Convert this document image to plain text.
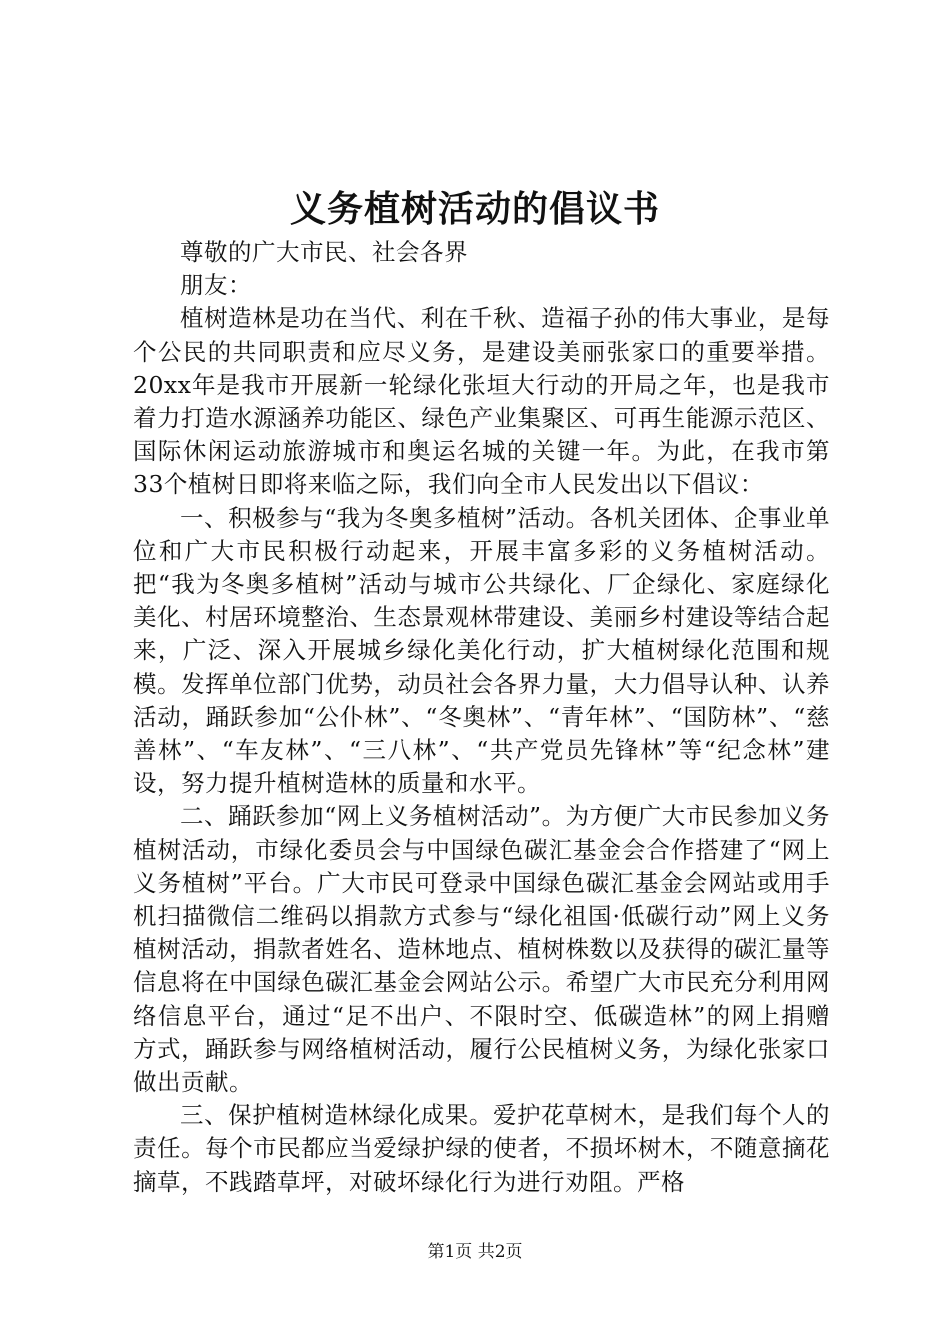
义务植树活动的倡议书

尊敬的广大市民、社会各界

朋友：

植树造林是功在当代、利在千秋、造福子孙的伟大事业，是每个公民的共同职责和应尽义务，是建设美丽张家口的重要举措。20xx年是我市开展新一轮绿化张垣大行动的开局之年，也是我市着力打造水源涵养功能区、绿色产业集聚区、可再生能源示范区、国际休闲运动旅游城市和奥运名城的关键一年。为此，在我市第33个植树日即将来临之际，我们向全市人民发出以下倡议：

一、积极参与“我为冬奥多植树”活动。各机关团体、企事业单位和广大市民积极行动起来，开展丰富多彩的义务植树活动。把“我为冬奥多植树”活动与城市公共绿化、厂企绿化、家庭绿化美化、村居环境整治、生态景观林带建设、美丽乡村建设等结合起来，广泛、深入开展城乡绿化美化行动，扩大植树绿化范围和规模。发挥单位部门优势，动员社会各界力量，大力倡导认种、认养活动，踊跃参加“公仆林”、“冬奥林”、“青年林”、“国防林”、“慈善林”、“车友林”、“三八林”、“共产党员先锋林”等“纪念林”建设，努力提升植树造林的质量和水平。

二、踊跃参加“网上义务植树活动”。为方便广大市民参加义务植树活动，市绿化委员会与中国绿色碳汇基金会合作搭建了“网上义务植树”平台。广大市民可登录中国绿色碳汇基金会网站或用手机扫描微信二维码以捐款方式参与“绿化祖国·低碳行动”网上义务植树活动，捐款者姓名、造林地点、植树株数以及获得的碳汇量等信息将在中国绿色碳汇基金会网站公示。希望广大市民充分利用网络信息平台，通过“足不出户、不限时空、低碳造林”的网上捐赠方式，踊跃参与网络植树活动，履行公民植树义务，为绿化张家口做出贡献。

三、保护植树造林绿化成果。爱护花草树木，是我们每个人的责任。每个市民都应当爱绿护绿的使者，不损坏树木，不随意摘花摘草，不践踏草坪，对破坏绿化行为进行劝阻。严格

第1页 共2页
